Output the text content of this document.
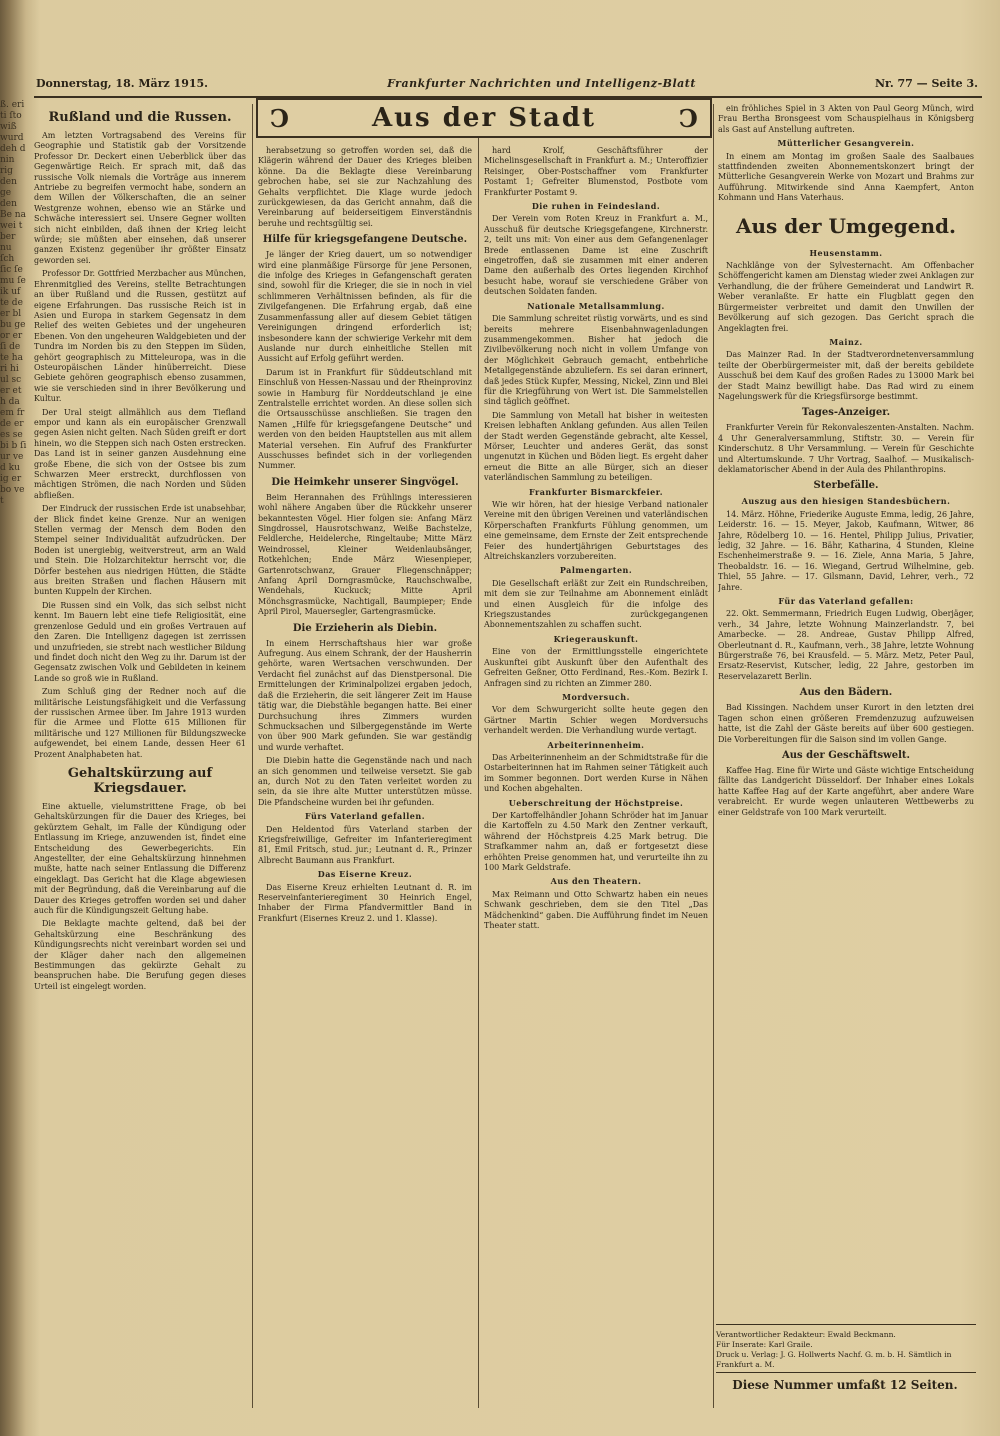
ß. eri ti ſto wiß wurd deh d nin rig den ge den Be na wei t ber nu ſch ſic ſe mu ſe ik uf te de er bl bu ge or er ſi de te ha ri hi ul sc er et h da em fr de er es se bi b ſi ur ve d ku ig er bo ve t
Donnerstag, 18. März 1915.	Frankfurter Nachrichten und Intelligenz-Blatt	Nr. 77 — Seite 3.
Ↄ	Aus der Stadt	Ↄ
Rußland und die Russen.

Am letzten Vortragsabend des Vereins für Geographie und Statistik gab der Vorsitzende Professor Dr. Deckert einen Ueberblick über das Gegenwärtige Reich. Er sprach mit, daß das russische Volk niemals die Vorträge aus innerem Antriebe zu begreifen vermocht habe, sondern an dem Willen der Völkerschaften, die an seiner Westgrenze wohnen, ebenso wie an Stärke und Schwäche interessiert sei. Unsere Gegner wollten sich nicht einbilden, daß ihnen der Krieg leicht würde; sie müßten aber einsehen, daß unserer ganzen Existenz gegenüber ihr größter Einsatz geworden sei.

Professor Dr. Gottfried Merzbacher aus München, Ehrenmitglied des Vereins, stellte Betrachtungen an über Rußland und die Russen, gestützt auf eigene Erfahrungen. Das russische Reich ist in Asien und Europa in starkem Gegensatz in dem Relief des weiten Gebietes und der ungeheuren Ebenen. Von den ungeheuren Waldgebieten und der Tundra im Norden bis zu den Steppen im Süden, gehört geographisch zu Mitteleuropa, was in die Osteuropäischen Länder hinüberreicht. Diese Gebiete gehören geographisch ebenso zusammen, wie sie verschieden sind in ihrer Bevölkerung und Kultur.

Der Ural steigt allmählich aus dem Tiefland empor und kann als ein europäischer Grenzwall gegen Asien nicht gelten. Nach Süden greift er dort hinein, wo die Steppen sich nach Osten erstrecken. Das Land ist in seiner ganzen Ausdehnung eine große Ebene, die sich von der Ostsee bis zum Schwarzen Meer erstreckt, durchflossen von mächtigen Strömen, die nach Norden und Süden abfließen.

Der Eindruck der russischen Erde ist unabsehbar, der Blick findet keine Grenze. Nur an wenigen Stellen vermag der Mensch dem Boden den Stempel seiner Individualität aufzudrücken. Der Boden ist unergiebig, weitverstreut, arm an Wald und Stein. Die Holzarchitektur herrscht vor, die Dörfer bestehen aus niedrigen Hütten, die Städte aus breiten Straßen und flachen Häusern mit bunten Kuppeln der Kirchen.

Die Russen sind ein Volk, das sich selbst nicht kennt. Im Bauern lebt eine tiefe Religiosität, eine grenzenlose Geduld und ein großes Vertrauen auf den Zaren. Die Intelligenz dagegen ist zerrissen und unzufrieden, sie strebt nach westlicher Bildung und findet doch nicht den Weg zu ihr. Darum ist der Gegensatz zwischen Volk und Gebildeten in keinem Lande so groß wie in Rußland.

Zum Schluß ging der Redner noch auf die militärische Leistungsfähigkeit und die Verfassung der russischen Armee über. Im Jahre 1913 wurden für die Armee und Flotte 615 Millionen für militärische und 127 Millionen für Bildungszwecke aufgewendet, bei einem Lande, dessen Heer 61 Prozent Analphabeten hat.

Gehaltskürzung auf Kriegsdauer.

Eine aktuelle, vielumstrittene Frage, ob bei Gehaltskürzungen für die Dauer des Krieges, bei gekürztem Gehalt, im Falle der Kündigung oder Entlassung im Kriege, anzuwenden ist, findet eine Entscheidung des Gewerbegerichts. Ein Angestellter, der eine Gehaltskürzung hinnehmen mußte, hatte nach seiner Entlassung die Differenz eingeklagt. Das Gericht hat die Klage abgewiesen mit der Begründung, daß die Vereinbarung auf die Dauer des Krieges getroffen worden sei und daher auch für die Kündigungszeit Geltung habe.

Die Beklagte machte geltend, daß bei der Gehaltskürzung eine Beschränkung des Kündigungsrechts nicht vereinbart worden sei und der Kläger daher nach den allgemeinen Bestimmungen das gekürzte Gehalt zu beanspruchen habe. Die Berufung gegen dieses Urteil ist eingelegt worden.

herabsetzung so getroffen worden sei, daß die Klägerin während der Dauer des Krieges bleiben könne. Da die Beklagte diese Vereinbarung gebrochen habe, sei sie zur Nachzahlung des Gehalts verpflichtet. Die Klage wurde jedoch zurückgewiesen, da das Gericht annahm, daß die Vereinbarung auf beiderseitigem Einverständnis beruhe und rechtsgültig sei.

Hilfe für kriegsgefangene Deutsche.

Je länger der Krieg dauert, um so notwendiger wird eine planmäßige Fürsorge für jene Personen, die infolge des Krieges in Gefangenschaft geraten sind, sowohl für die Krieger, die sie in noch in viel schlimmeren Verhältnissen befinden, als für die Zivilgefangenen. Die Erfahrung ergab, daß eine Zusammenfassung aller auf diesem Gebiet tätigen Vereinigungen dringend erforderlich ist; insbesondere kann der schwierige Verkehr mit dem Auslande nur durch einheitliche Stellen mit Aussicht auf Erfolg geführt werden.

Darum ist in Frankfurt für Süddeutschland mit Einschluß von Hessen-Nassau und der Rheinprovinz sowie in Hamburg für Norddeutschland je eine Zentralstelle errichtet worden. An diese sollen sich die Ortsausschüsse anschließen. Sie tragen den Namen „Hilfe für kriegsgefangene Deutsche“ und werden von den beiden Hauptstellen aus mit allem Material versehen. Ein Aufruf des Frankfurter Ausschusses befindet sich in der vorliegenden Nummer.

Die Heimkehr unserer Singvögel.

Beim Herannahen des Frühlings interessieren wohl nähere Angaben über die Rückkehr unserer bekanntesten Vögel. Hier folgen sie: Anfang März Singdrossel, Hausrotschwanz, Weiße Bachstelze, Feldlerche, Heidelerche, Ringeltaube; Mitte März Weindrossel, Kleiner Weidenlaubsänger, Rotkehlchen; Ende März Wiesenpieper, Gartenrotschwanz, Grauer Fliegenschnäpper; Anfang April Dorngrasmücke, Rauchschwalbe, Wendehals, Kuckuck; Mitte April Mönchsgrasmücke, Nachtigall, Baumpieper; Ende April Pirol, Mauersegler, Gartengrasmücke.

Die Erzieherin als Diebin.

In einem Herrschaftshaus hier war große Aufregung. Aus einem Schrank, der der Hausherrin gehörte, waren Wertsachen verschwunden. Der Verdacht fiel zunächst auf das Dienstpersonal. Die Ermittelungen der Kriminalpolizei ergaben jedoch, daß die Erzieherin, die seit längerer Zeit im Hause tätig war, die Diebstähle begangen hatte. Bei einer Durchsuchung ihres Zimmers wurden Schmucksachen und Silbergegenstände im Werte von über 900 Mark gefunden. Sie war geständig und wurde verhaftet.

Die Diebin hatte die Gegenstände nach und nach an sich genommen und teilweise versetzt. Sie gab an, durch Not zu den Taten verleitet worden zu sein, da sie ihre alte Mutter unterstützen müsse. Die Pfandscheine wurden bei ihr gefunden.

Fürs Vaterland gefallen.

Den Heldentod fürs Vaterland starben der Kriegsfreiwillige, Gefreiter im Infanterieregiment 81, Emil Fritsch, stud. jur.; Leutnant d. R., Prinzer Albrecht Baumann aus Frankfurt.

Das Eiserne Kreuz.

Das Eiserne Kreuz erhielten Leutnant d. R. im Reserveinfanterieregiment 30 Heinrich Engel, Inhaber der Firma Pfandvermittler Band in Frankfurt (Eisernes Kreuz 2. und 1. Klasse).

hard Krolf, Geschäftsführer der Michelinsgesellschaft in Frankfurt a. M.; Unteroffizier Reisinger, Ober-Postschaffner vom Frankfurter Postamt 1; Gefreiter Blumenstod, Postbote vom Frankfurter Postamt 9.

Die ruhen in Feindesland.

Der Verein vom Roten Kreuz in Frankfurt a. M., Ausschuß für deutsche Kriegsgefangene, Kirchnerstr. 2, teilt uns mit: Von einer aus dem Gefangenenlager Brede entlassenen Dame ist eine Zuschrift eingetroffen, daß sie zusammen mit einer anderen Dame den außerhalb des Ortes liegenden Kirchhof besucht habe, worauf sie verschiedene Gräber von deutschen Soldaten fanden.

Nationale Metallsammlung.

Die Sammlung schreitet rüstig vorwärts, und es sind bereits mehrere Eisenbahnwagenladungen zusammengekommen. Bisher hat jedoch die Zivilbevölkerung noch nicht in vollem Umfange von der Möglichkeit Gebrauch gemacht, entbehrliche Metallgegenstände abzuliefern. Es sei daran erinnert, daß jedes Stück Kupfer, Messing, Nickel, Zinn und Blei für die Kriegführung von Wert ist. Die Sammelstellen sind täglich geöffnet.

Die Sammlung von Metall hat bisher in weitesten Kreisen lebhaften Anklang gefunden. Aus allen Teilen der Stadt werden Gegenstände gebracht, alte Kessel, Mörser, Leuchter und anderes Gerät, das sonst ungenutzt in Küchen und Böden liegt. Es ergeht daher erneut die Bitte an alle Bürger, sich an dieser vaterländischen Sammlung zu beteiligen.

Frankfurter Bismarckfeier.

Wie wir hören, hat der hiesige Verband nationaler Vereine mit den übrigen Vereinen und vaterländischen Körperschaften Frankfurts Fühlung genommen, um eine gemeinsame, dem Ernste der Zeit entsprechende Feier des hundertjährigen Geburtstages des Altreichskanzlers vorzubereiten.

Palmengarten.

Die Gesellschaft erläßt zur Zeit ein Rundschreiben, mit dem sie zur Teilnahme am Abonnement einlädt und einen Ausgleich für die infolge des Kriegszustandes zurückgegangenen Abonnementszahlen zu schaffen sucht.

Kriegerauskunft.

Eine von der Ermittlungsstelle eingerichtete Auskunftei gibt Auskunft über den Aufenthalt des Gefreiten Geßner, Otto Ferdinand, Res.-Kom. Bezirk I. Anfragen sind zu richten an Zimmer 280.

Mordversuch.

Vor dem Schwurgericht sollte heute gegen den Gärtner Martin Schier wegen Mordversuchs verhandelt werden. Die Verhandlung wurde vertagt.

Arbeiterinnenheim.

Das Arbeiterinnenheim an der Schmidtstraße für die Ostarbeiterinnen hat im Rahmen seiner Tätigkeit auch im Sommer begonnen. Dort werden Kurse in Nähen und Kochen abgehalten.

Ueberschreitung der Höchstpreise.

Der Kartoffelhändler Johann Schröder hat im Januar die Kartoffeln zu 4.50 Mark den Zentner verkauft, während der Höchstpreis 4.25 Mark betrug. Die Strafkammer nahm an, daß er fortgesetzt diese erhöhten Preise genommen hat, und verurteilte ihn zu 100 Mark Geldstrafe.

Aus den Theatern.

Max Reimann und Otto Schwartz haben ein neues Schwank geschrieben, dem sie den Titel „Das Mädchenkind“ gaben. Die Aufführung findet im Neuen Theater statt.

ein fröhliches Spiel in 3 Akten von Paul Georg Münch, wird Frau Bertha Bronsgeest vom Schauspielhaus in Königsberg als Gast auf Anstellung auftreten.

Mütterlicher Gesangverein.

In einem am Montag im großen Saale des Saalbaues stattfindenden zweiten Abonnementskonzert bringt der Mütterliche Gesangverein Werke von Mozart und Brahms zur Aufführung. Mitwirkende sind Anna Kaempfert, Anton Kohmann und Hans Vaterhaus.

Aus der Umgegend.
Heusenstamm.

Nachklänge von der Sylvesternacht. Am Offenbacher Schöffengericht kamen am Dienstag wieder zwei Anklagen zur Verhandlung, die der frühere Gemeinderat und Landwirt R. Weber veranlaßte. Er hatte ein Flugblatt gegen den Bürgermeister verbreitet und damit den Unwillen der Bevölkerung auf sich gezogen. Das Gericht sprach die Angeklagten frei.

Mainz.

Das Mainzer Rad. In der Stadtverordnetenversammlung teilte der Oberbürgermeister mit, daß der bereits gebildete Ausschuß bei dem Kauf des großen Rades zu 13000 Mark bei der Stadt Mainz bewilligt habe. Das Rad wird zu einem Nagelungswerk für die Kriegsfürsorge bestimmt.

Tages-Anzeiger.

Frankfurter Verein für Rekonvaleszenten-Anstalten. Nachm. 4 Uhr Generalversammlung, Stiftstr. 30. — Verein für Kinderschutz. 8 Uhr Versammlung. — Verein für Geschichte und Altertumskunde. 7 Uhr Vortrag, Saalhof. — Musikalisch-deklamatorischer Abend in der Aula des Philanthropins.

Sterbefälle.
Auszug aus den hiesigen Standesbüchern.

14. März. Höhne, Friederike Auguste Emma, ledig, 26 Jahre, Leiderstr. 16. — 15. Meyer, Jakob, Kaufmann, Witwer, 86 Jahre, Rödelberg 10. — 16. Hentel, Philipp Julius, Privatier, ledig, 32 Jahre. — 16. Bähr, Katharina, 4 Stunden, Kleine Eschenheimerstraße 9. — 16. Ziele, Anna Maria, 5 Jahre, Theobaldstr. 16. — 16. Wiegand, Gertrud Wilhelmine, geb. Thiel, 55 Jahre. — 17. Gilsmann, David, Lehrer, verh., 72 Jahre.

Für das Vaterland gefallen:

22. Okt. Semmermann, Friedrich Eugen Ludwig, Oberjäger, verh., 34 Jahre, letzte Wohnung Mainzerlandstr. 7, bei Amarbecke. — 28. Andreae, Gustav Philipp Alfred, Oberleutnant d. R., Kaufmann, verh., 38 Jahre, letzte Wohnung Bürgerstraße 76, bei Krausfeld. — 5. März. Metz, Peter Paul, Ersatz-Reservist, Kutscher, ledig, 22 Jahre, gestorben im Reservelazarett Berlin.

Aus den Bädern.

Bad Kissingen. Nachdem unser Kurort in den letzten drei Tagen schon einen größeren Fremdenzuzug aufzuweisen hatte, ist die Zahl der Gäste bereits auf über 600 gestiegen. Die Vorbereitungen für die Saison sind im vollen Gange.

Aus der Geschäftswelt.

Kaffee Hag. Eine für Wirte und Gäste wichtige Entscheidung fällte das Landgericht Düsseldorf. Der Inhaber eines Lokals hatte Kaffee Hag auf der Karte angeführt, aber andere Ware verabreicht. Er wurde wegen unlauteren Wettbewerbs zu einer Geldstrafe von 100 Mark verurteilt.

Verantwortlicher Redakteur: Ewald Beckmann.
Für Inserate: Karl Graile.
Druck u. Verlag: J. G. Hollwerts Nachf. G. m. b. H. Sämtlich in Frankfurt a. M.
Diese Nummer umfaßt 12 Seiten.
